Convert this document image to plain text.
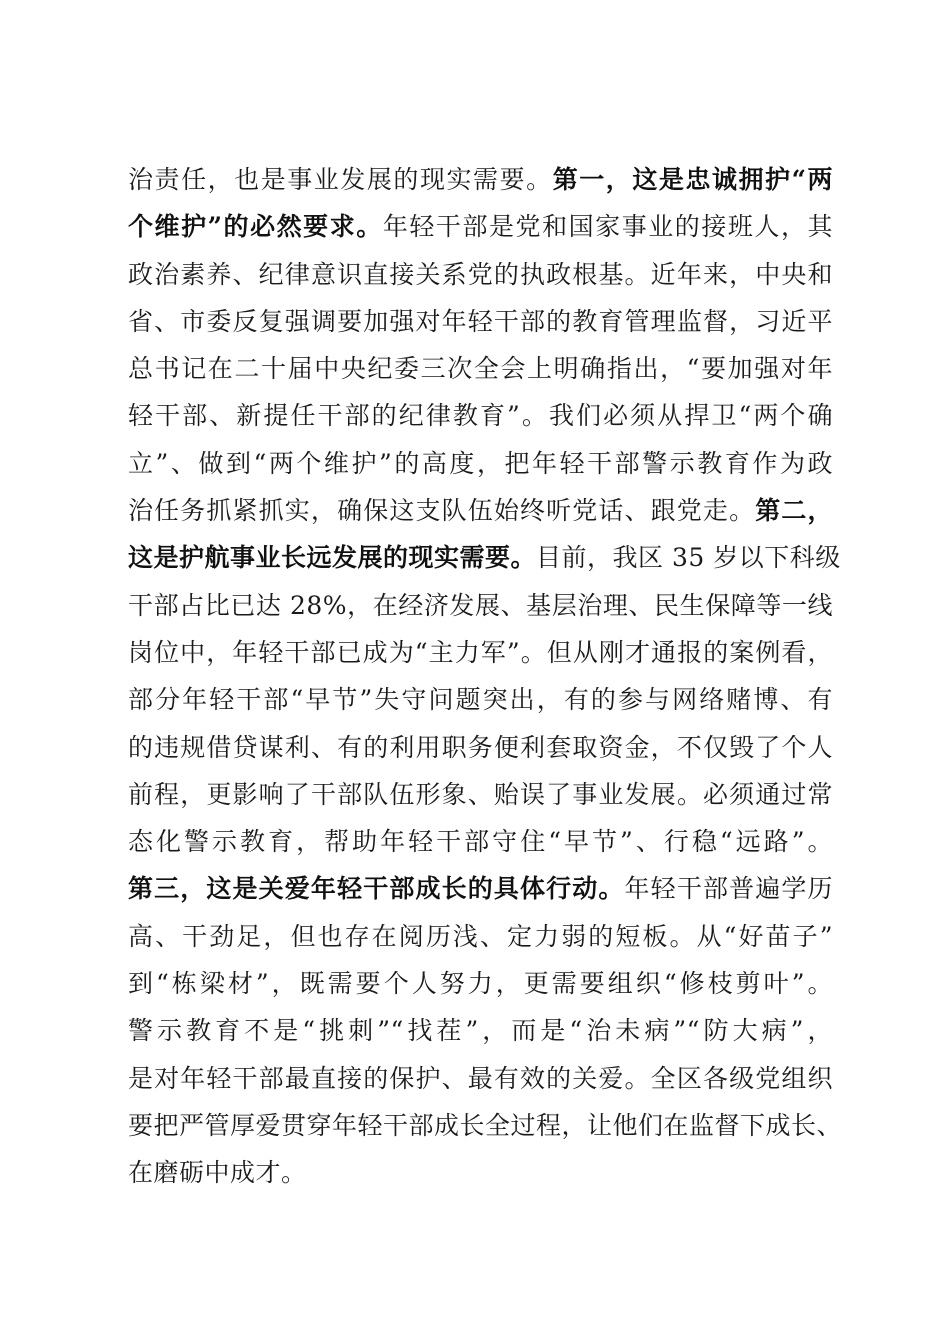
治责任，也是事业发展的现实需要。第一，这是忠诚拥护“两
个维护”的必然要求。年轻干部是党和国家事业的接班人，其
政治素养、纪律意识直接关系党的执政根基。近年来，中央和
省、市委反复强调要加强对年轻干部的教育管理监督，习近平
总书记在二十届中央纪委三次全会上明确指出，“要加强对年
轻干部、新提任干部的纪律教育”。我们必须从捍卫“两个确
立”、做到“两个维护”的高度，把年轻干部警示教育作为政
治任务抓紧抓实，确保这支队伍始终听党话、跟党走。第二，
这是护航事业长远发展的现实需要。目前，我区 35 岁以下科级
干部占比已达 28%，在经济发展、基层治理、民生保障等一线
岗位中，年轻干部已成为“主力军”。但从刚才通报的案例看，
部分年轻干部“早节”失守问题突出，有的参与网络赌博、有
的违规借贷谋利、有的利用职务便利套取资金，不仅毁了个人
前程，更影响了干部队伍形象、贻误了事业发展。必须通过常
态化警示教育，帮助年轻干部守住“早节”、行稳“远路”。
第三，这是关爱年轻干部成长的具体行动。年轻干部普遍学历
高、干劲足，但也存在阅历浅、定力弱的短板。从“好苗子”
到“栋梁材”，既需要个人努力，更需要组织“修枝剪叶”。
警示教育不是“挑刺”“找茬”，而是“治未病”“防大病”，
是对年轻干部最直接的保护、最有效的关爱。全区各级党组织
要把严管厚爱贯穿年轻干部成长全过程，让他们在监督下成长、
在磨砺中成才。
